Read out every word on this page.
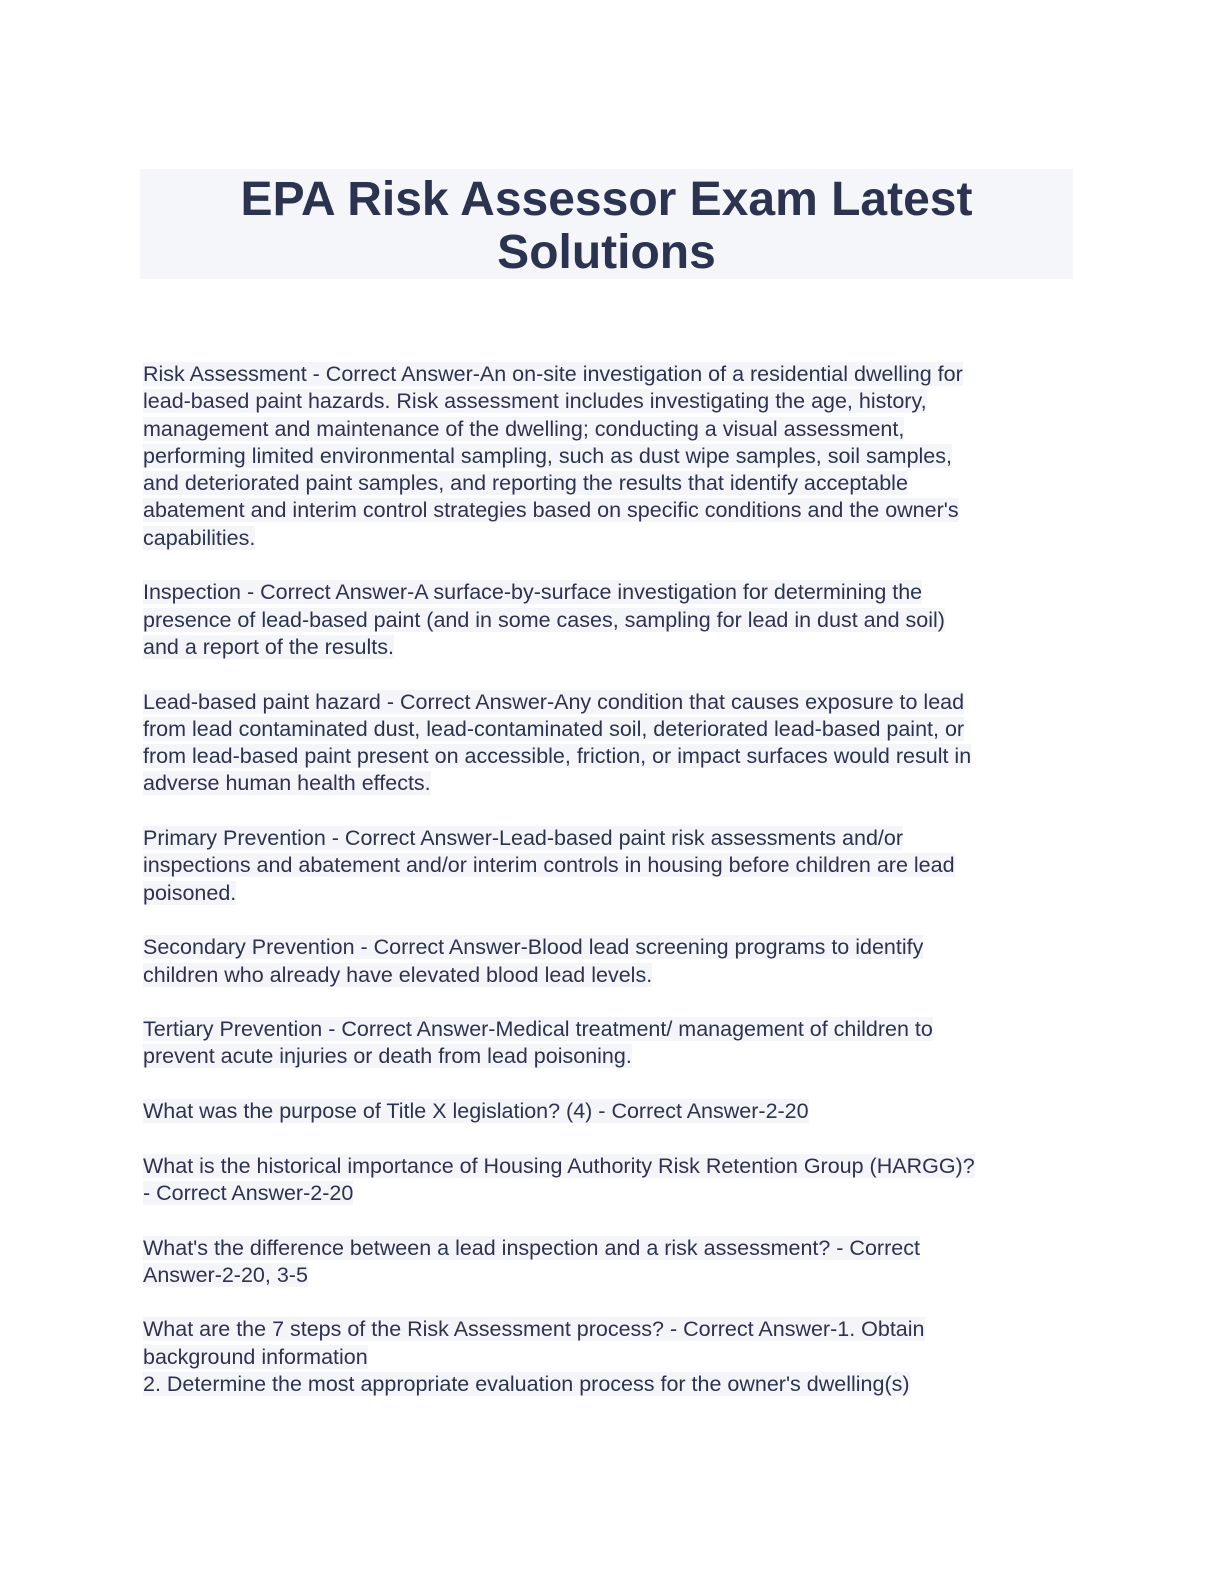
EPA Risk Assessor Exam Latest
Solutions
Risk Assessment - Correct Answer-An on-site investigation of a residential dwelling for
lead-based paint hazards. Risk assessment includes investigating the age, history,
management and maintenance of the dwelling; conducting a visual assessment,
performing limited environmental sampling, such as dust wipe samples, soil samples,
and deteriorated paint samples, and reporting the results that identify acceptable
abatement and interim control strategies based on specific conditions and the owner's
capabilities.
Inspection - Correct Answer-A surface-by-surface investigation for determining the
presence of lead-based paint (and in some cases, sampling for lead in dust and soil)
and a report of the results.
Lead-based paint hazard - Correct Answer-Any condition that causes exposure to lead
from lead contaminated dust, lead-contaminated soil, deteriorated lead-based paint, or
from lead-based paint present on accessible, friction, or impact surfaces would result in
adverse human health effects.
Primary Prevention - Correct Answer-Lead-based paint risk assessments and/or
inspections and abatement and/or interim controls in housing before children are lead
poisoned.
Secondary Prevention - Correct Answer-Blood lead screening programs to identify
children who already have elevated blood lead levels.
Tertiary Prevention - Correct Answer-Medical treatment/ management of children to
prevent acute injuries or death from lead poisoning.
What was the purpose of Title X legislation? (4) - Correct Answer-2-20
What is the historical importance of Housing Authority Risk Retention Group (HARGG)?
- Correct Answer-2-20
What's the difference between a lead inspection and a risk assessment? - Correct
Answer-2-20, 3-5
What are the 7 steps of the Risk Assessment process? - Correct Answer-1. Obtain
background information
2. Determine the most appropriate evaluation process for the owner's dwelling(s)
